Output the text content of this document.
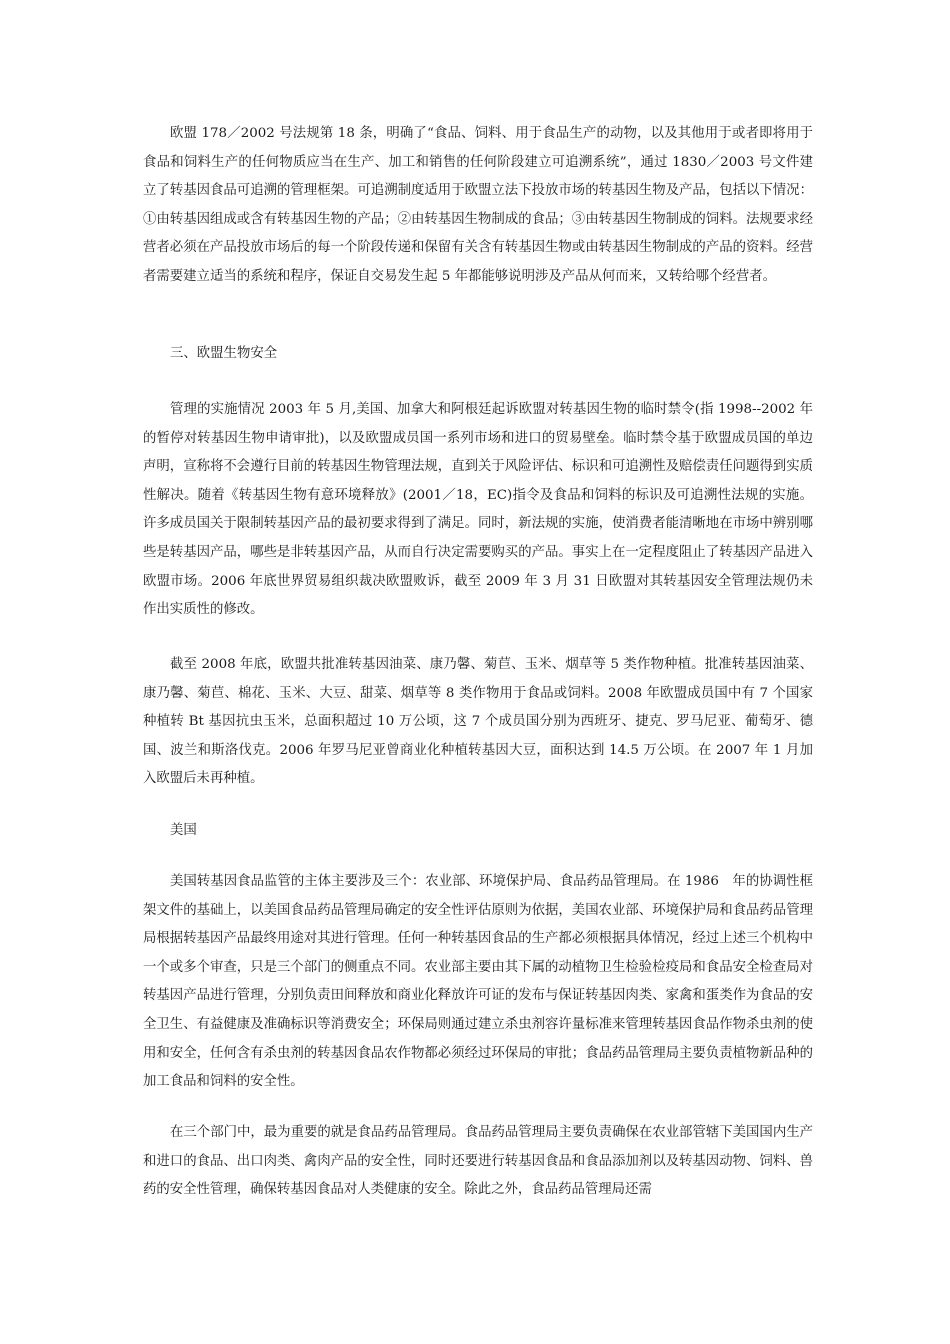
欧盟 178／2002 号法规第 18 条，明确了“食品、饲料、用于食品生产的动物，以及其他用于或者即将用于食品和饲料生产的任何物质应当在生产、加工和销售的任何阶段建立可追溯系统”，通过 1830／2003 号文件建立了转基因食品可追溯的管理框架。可追溯制度适用于欧盟立法下投放市场的转基因生物及产品，包括以下情况：①由转基因组成或含有转基因生物的产品；②由转基因生物制成的食品；③由转基因生物制成的饲料。法规要求经营者必须在产品投放市场后的每一个阶段传递和保留有关含有转基因生物或由转基因生物制成的产品的资料。经营者需要建立适当的系统和程序，保证自交易发生起 5 年都能够说明涉及产品从何而来，又转给哪个经营者。

三、欧盟生物安全

管理的实施情况 2003 年 5 月,美国、加拿大和阿根廷起诉欧盟对转基因生物的临时禁令(指 1998--2002 年的暂停对转基因生物申请审批)，以及欧盟成员国一系列市场和进口的贸易壁垒。临时禁令基于欧盟成员国的单边声明，宣称将不会遵行目前的转基因生物管理法规，直到关于风险评估、标识和可追溯性及赔偿责任问题得到实质性解决。随着《转基因生物有意环境释放》(2001／18，EC)指令及食品和饲料的标识及可追溯性法规的实施。许多成员国关于限制转基因产品的最初要求得到了满足。同时，新法规的实施，使消费者能清晰地在市场中辨别哪些是转基因产品，哪些是非转基因产品，从而自行决定需要购买的产品。事实上在一定程度阻止了转基因产品进入欧盟市场。2006 年底世界贸易组织裁决欧盟败诉，截至 2009 年 3 月 31 日欧盟对其转基因安全管理法规仍未作出实质性的修改。

截至 2008 年底，欧盟共批准转基因油菜、康乃馨、菊苣、玉米、烟草等 5 类作物种植。批准转基因油菜、康乃馨、菊苣、棉花、玉米、大豆、甜菜、烟草等 8 类作物用于食品或饲料。2008 年欧盟成员国中有 7 个国家种植转 Bt 基因抗虫玉米，总面积超过 10 万公顷，这 7 个成员国分别为西班牙、捷克、罗马尼亚、葡萄牙、德国、波兰和斯洛伐克。2006 年罗马尼亚曾商业化种植转基因大豆，面积达到 14.5 万公顷。在 2007 年 1 月加入欧盟后未再种植。

美国

美国转基因食品监管的主体主要涉及三个：农业部、环境保护局、食品药品管理局。在 1986　年的协调性框架文件的基础上，以美国食品药品管理局确定的安全性评估原则为依据，美国农业部、环境保护局和食品药品管理局根据转基因产品最终用途对其进行管理。任何一种转基因食品的生产都必须根据具体情况，经过上述三个机构中一个或多个审查，只是三个部门的侧重点不同。农业部主要由其下属的动植物卫生检验检疫局和食品安全检查局对转基因产品进行管理，分别负责田间释放和商业化释放许可证的发布与保证转基因肉类、家禽和蛋类作为食品的安全卫生、有益健康及准确标识等消费安全；环保局则通过建立杀虫剂容许量标准来管理转基因食品作物杀虫剂的使用和安全，任何含有杀虫剂的转基因食品农作物都必须经过环保局的审批；食品药品管理局主要负责植物新品种的加工食品和饲料的安全性。

在三个部门中，最为重要的就是食品药品管理局。食品药品管理局主要负责确保在农业部管辖下美国国内生产和进口的食品、出口肉类、禽肉产品的安全性，同时还要进行转基因食品和食品添加剂以及转基因动物、饲料、兽药的安全性管理，确保转基因食品对人类健康的安全。除此之外，食品药品管理局还需
